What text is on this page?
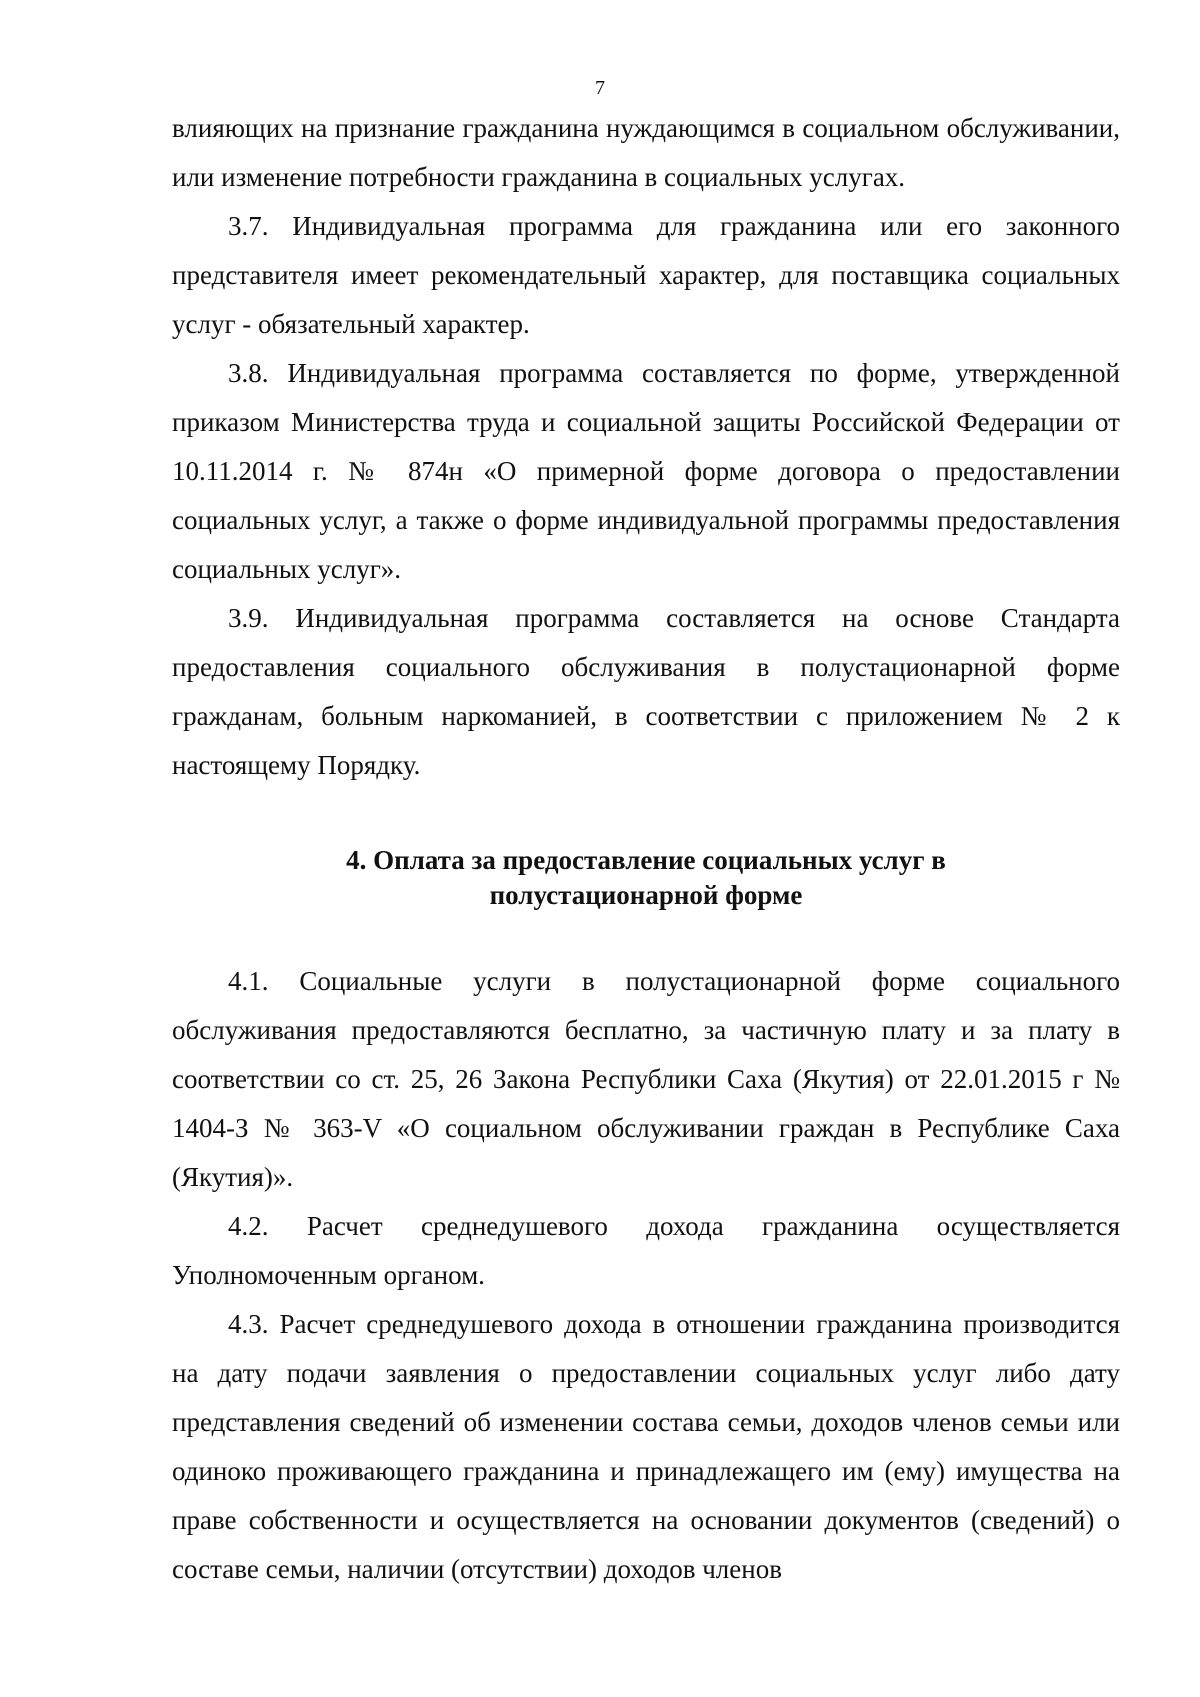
7

влияющих на признание гражданина нуждающимся в социальном обслуживании, или изменение потребности гражданина в социальных услугах.

3.7. Индивидуальная программа для гражданина или его законного представителя имеет рекомендательный характер, для поставщика социальных услуг - обязательный характер.

3.8. Индивидуальная программа составляется по форме, утвержденной приказом Министерства труда и социальной защиты Российской Федерации от 10.11.2014 г. № 874н «О примерной форме договора о предоставлении социальных услуг, а также о форме индивидуальной программы предоставления социальных услуг».

3.9. Индивидуальная программа составляется на основе Стандарта предоставления социального обслуживания в полустационарной форме гражданам, больным наркоманией, в соответствии с приложением № 2 к настоящему Порядку.

4. Оплата за предоставление социальных услуг в
полустационарной форме

4.1. Социальные услуги в полустационарной форме социального обслуживания предоставляются бесплатно, за частичную плату и за плату в соответствии со ст. 25, 26 Закона Республики Саха (Якутия) от 22.01.2015 г № 1404-З № 363-V «О социальном обслуживании граждан в Республике Саха (Якутия)».

4.2. Расчет среднедушевого дохода гражданина осуществляется Уполномоченным органом.

4.3. Расчет среднедушевого дохода в отношении гражданина производится на дату подачи заявления о предоставлении социальных услуг либо дату представления сведений об изменении состава семьи, доходов членов семьи или одиноко проживающего гражданина и принадлежащего им (ему) имущества на праве собственности и осуществляется на основании документов (сведений) о составе семьи, наличии (отсутствии) доходов членов
